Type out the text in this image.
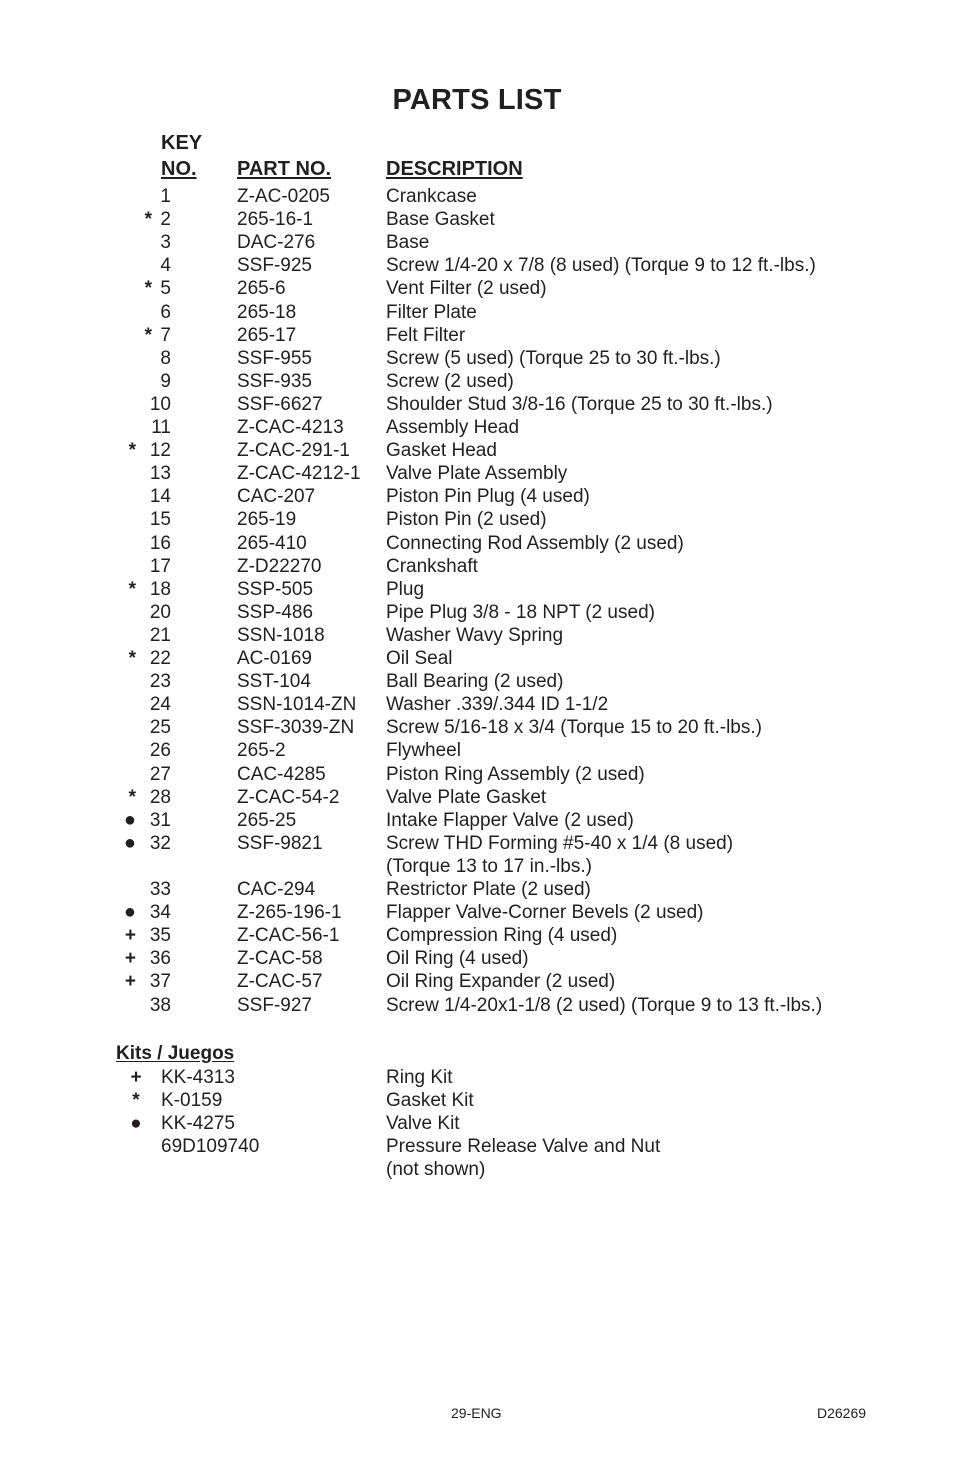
PARTS LIST
KEY
NO. PART NO.	DESCRIPTION
1	Z-AC-0205	Crankcase
* 2	265-16-1	Base Gasket
3	DAC-276	Base
4	SSF-925	Screw 1/4-20 x 7/8 (8 used) (Torque 9 to 12 ft.-lbs.)
* 5	265-6	Vent Filter (2 used)
6	265-18	Filter Plate
* 7	265-17	Felt Filter
8	SSF-955	Screw (5 used) (Torque 25 to 30 ft.-lbs.)
9	SSF-935	Screw (2 used)
10	SSF-6627	Shoulder Stud 3/8-16 (Torque 25 to 30 ft.-lbs.)
11	Z-CAC-4213 Assembly Head
* 12	Z-CAC-291-1 Gasket Head
13	Z-CAC-4212-1 Valve Plate Assembly
14	CAC-207	Piston Pin Plug (4 used)
15	265-19	Piston Pin (2 used)
16	265-410	Connecting Rod Assembly (2 used)
17	Z-D22270	Crankshaft
* 18	SSP-505	Plug
20	SSP-486	Pipe Plug 3/8 - 18 NPT (2 used)
21	SSN-1018	Washer Wavy Spring
* 22	AC-0169	Oil Seal
23	SST-104	Ball Bearing (2 used)
24	SSN-1014-ZN Washer .339/.344 ID 1-1/2
25	SSF-3039-ZN Screw 5/16-18 x 3/4 (Torque 15 to 20 ft.-lbs.)
26	265-2	Flywheel
27	CAC-4285	Piston Ring Assembly (2 used)
* 28	Z-CAC-54-2 Valve Plate Gasket
● 31	265-25	Intake Flapper Valve (2 used)
● 32	SSF-9821	Screw THD Forming #5-40 x 1/4 (8 used)
(Torque 13 to 17 in.-lbs.)
33	CAC-294	Restrictor Plate (2 used)
● 34	Z-265-196-1 Flapper Valve-Corner Bevels (2 used)
+ 35	Z-CAC-56-1 Compression Ring (4 used)
+ 36	Z-CAC-58	Oil Ring (4 used)
+ 37	Z-CAC-57	Oil Ring Expander (2 used)
38	SSF-927	Screw 1/4-20x1-1/8 (2 used) (Torque 9 to 13 ft.-lbs.)
Kits / Juegos
+	KK-4313	Ring Kit
*	K-0159	Gasket Kit
●	KK-4275	Valve Kit
69D109740	Pressure Release Valve and Nut
(not shown)
29-ENG	D26269
